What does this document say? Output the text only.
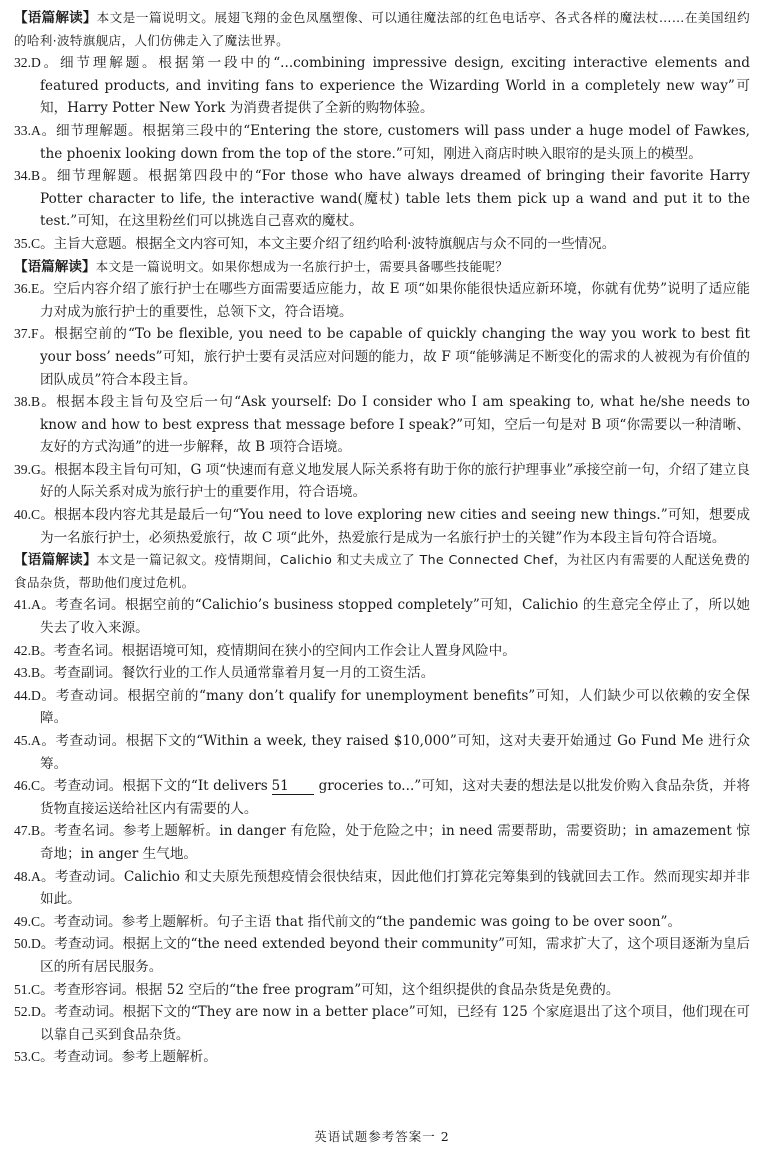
【语篇解读】本文是一篇说明文。展翅飞翔的金色凤凰塑像、可以通往魔法部的红色电话亭、各式各样的魔法杖……在美国纽约的哈利·波特旗舰店，人们仿佛走入了魔法世界。

32.D。细节理解题。根据第一段中的“...combining impressive design, exciting interactive elements and featured products, and inviting fans to experience the Wizarding World in a completely new way”可知，Harry Potter New York 为消费者提供了全新的购物体验。

33.A。细节理解题。根据第三段中的“Entering the store, customers will pass under a huge model of Fawkes, the phoenix looking down from the top of the store.”可知，刚进入商店时映入眼帘的是头顶上的模型。

34.B。细节理解题。根据第四段中的“For those who have always dreamed of bringing their favorite Harry Potter character to life, the interactive wand(魔杖) table lets them pick up a wand and put it to the test.”可知，在这里粉丝们可以挑选自己喜欢的魔杖。

35.C。主旨大意题。根据全文内容可知，本文主要介绍了纽约哈利·波特旗舰店与众不同的一些情况。

【语篇解读】本文是一篇说明文。如果你想成为一名旅行护士，需要具备哪些技能呢？

36.E。空后内容介绍了旅行护士在哪些方面需要适应能力，故 E 项“如果你能很快适应新环境，你就有优势”说明了适应能力对成为旅行护士的重要性，总领下文，符合语境。

37.F。根据空前的“To be flexible, you need to be capable of quickly changing the way you work to best fit your boss’ needs”可知，旅行护士要有灵活应对问题的能力，故 F 项“能够满足不断变化的需求的人被视为有价值的团队成员”符合本段主旨。

38.B。根据本段主旨句及空后一句“Ask yourself: Do I consider who I am speaking to, what he/she needs to know and how to best express that message before I speak?”可知，空后一句是对 B 项“你需要以一种清晰、友好的方式沟通”的进一步解释，故 B 项符合语境。

39.G。根据本段主旨句可知，G 项“快速而有意义地发展人际关系将有助于你的旅行护理事业”承接空前一句，介绍了建立良好的人际关系对成为旅行护士的重要作用，符合语境。

40.C。根据本段内容尤其是最后一句“You need to love exploring new cities and seeing new things.”可知，想要成为一名旅行护士，必须热爱旅行，故 C 项“此外，热爱旅行是成为一名旅行护士的关键”作为本段主旨句符合语境。

【语篇解读】本文是一篇记叙文。疫情期间，Calichio 和丈夫成立了 The Connected Chef，为社区内有需要的人配送免费的食品杂货，帮助他们度过危机。

41.A。考查名词。根据空前的“Calichio’s business stopped completely”可知，Calichio 的生意完全停止了，所以她失去了收入来源。

42.B。考查名词。根据语境可知，疫情期间在狭小的空间内工作会让人置身风险中。

43.B。考查副词。餐饮行业的工作人员通常靠着月复一月的工资生活。

44.D。考查动词。根据空前的“many don’t qualify for unemployment benefits”可知，人们缺少可以依赖的安全保障。

45.A。考查动词。根据下文的“Within a week, they raised $10,000”可知，这对夫妻开始通过 Go Fund Me 进行众筹。

46.C。考查动词。根据下文的“It delivers 51 groceries to...”可知，这对夫妻的想法是以批发价购入食品杂货，并将货物直接运送给社区内有需要的人。

47.B。考查名词。参考上题解析。in danger 有危险，处于危险之中；in need 需要帮助，需要资助；in amazement 惊奇地；in anger 生气地。

48.A。考查动词。Calichio 和丈夫原先预想疫情会很快结束，因此他们打算花完筹集到的钱就回去工作。然而现实却并非如此。

49.C。考查动词。参考上题解析。句子主语 that 指代前文的“the pandemic was going to be over soon”。

50.D。考查动词。根据上文的“the need extended beyond their community”可知，需求扩大了，这个项目逐渐为皇后区的所有居民服务。

51.C。考查形容词。根据 52 空后的“the free program”可知，这个组织提供的食品杂货是免费的。

52.D。考查动词。根据下文的“They are now in a better place”可知，已经有 125 个家庭退出了这个项目，他们现在可以靠自己买到食品杂货。

53.C。考查动词。参考上题解析。

英语试题参考答案一 2
